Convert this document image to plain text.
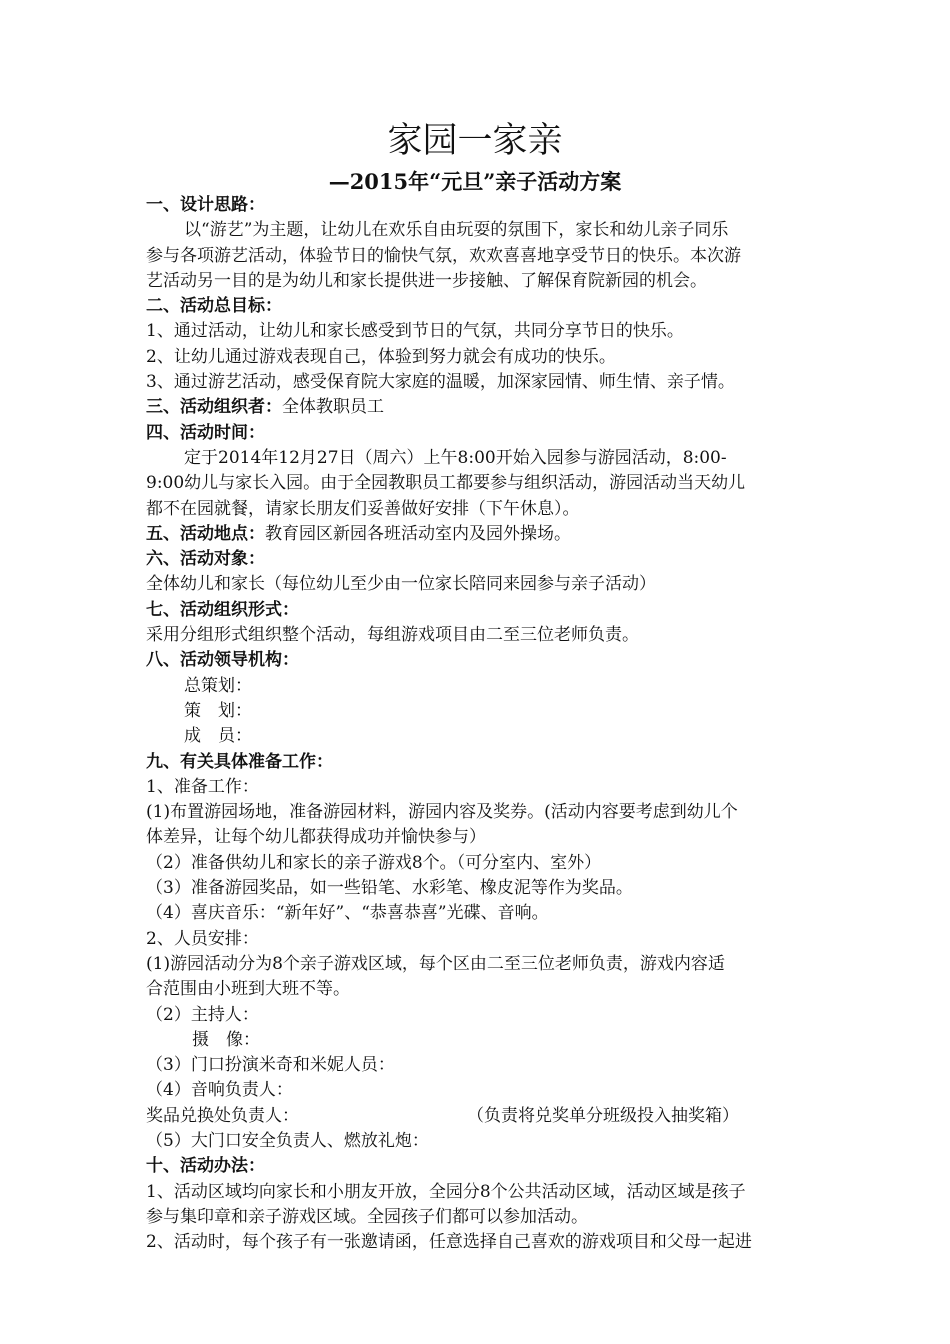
家园一家亲
—2015年“元旦”亲子活动方案
一、设计思路：
以“游艺”为主题，让幼儿在欢乐自由玩耍的氛围下，家长和幼儿亲子同乐
参与各项游艺活动，体验节日的愉快气氛，欢欢喜喜地享受节日的快乐。本次游
艺活动另一目的是为幼儿和家长提供进一步接触、了解保育院新园的机会。
二、活动总目标：
1、通过活动，让幼儿和家长感受到节日的气氛，共同分享节日的快乐。
2、让幼儿通过游戏表现自己，体验到努力就会有成功的快乐。
3、通过游艺活动，感受保育院大家庭的温暖，加深家园情、师生情、亲子情。
三、活动组织者：全体教职员工
四、活动时间：
定于2014年12月27日（周六）上午8:00开始入园参与游园活动，8:00-
9:00幼儿与家长入园。由于全园教职员工都要参与组织活动，游园活动当天幼儿
都不在园就餐，请家长朋友们妥善做好安排（下午休息）。
五、活动地点：教育园区新园各班活动室内及园外操场。
六、活动对象：
全体幼儿和家长（每位幼儿至少由一位家长陪同来园参与亲子活动）
七、活动组织形式：
采用分组形式组织整个活动，每组游戏项目由二至三位老师负责。
八、活动领导机构：
总策划：
策　划：
成　员：
九、有关具体准备工作：
1、准备工作：
(1)布置游园场地，准备游园材料，游园内容及奖券。(活动内容要考虑到幼儿个
体差异，让每个幼儿都获得成功并愉快参与）
（2）准备供幼儿和家长的亲子游戏8个。（可分室内、室外）
（3）准备游园奖品，如一些铅笔、水彩笔、橡皮泥等作为奖品。
（4）喜庆音乐：“新年好”、“恭喜恭喜”光碟、音响。
2、人员安排：
(1)游园活动分为8个亲子游戏区域，每个区由二至三位老师负责，游戏内容适
合范围由小班到大班不等。
（2）主持人：
摄　像：
（3）门口扮演米奇和米妮人员：
（4）音响负责人：
奖品兑换处负责人：	（负责将兑奖单分班级投入抽奖箱）
（5）大门口安全负责人、燃放礼炮：
十、活动办法：
1、活动区域均向家长和小朋友开放，全园分8个公共活动区域，活动区域是孩子
参与集印章和亲子游戏区域。全园孩子们都可以参加活动。
2、活动时，每个孩子有一张邀请函，任意选择自己喜欢的游戏项目和父母一起进
